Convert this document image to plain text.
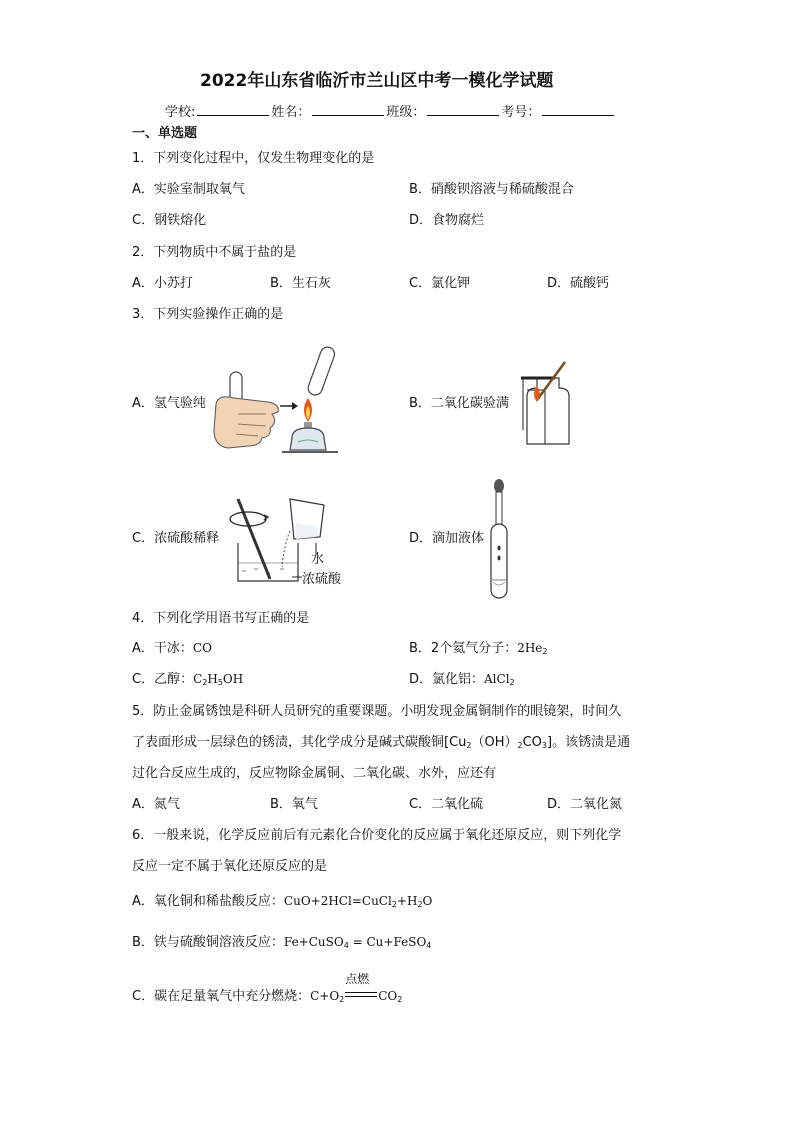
2022年山东省临沂市兰山区中考一模化学试题
学校:	姓名：	班级：	考号：
一、单选题
1．下列变化过程中，仅发生物理变化的是
A．实验室制取氧气	B．硝酸钡溶液与稀硫酸混合
C．钢铁熔化	D．食物腐烂
2．下列物质中不属于盐的是
A．小苏打	B．生石灰	C．氯化钾	D．硫酸钙
3．下列实验操作正确的是
A．氢气验纯	B．二氧化碳验满
C．浓硫酸稀释	D．滴加液体
水
浓硫酸
4．下列化学用语书写正确的是
A．干冰：CO	B．2个氦气分子：$2He_2$
C．乙醇：$C_2H_5OH$	D．氯化铝：AlCl$_2$
5．防止金属锈蚀是科研人员研究的重要课题。小明发现金属铜制作的眼镜架，时间久
了表面形成一层绿色的锈渍，其化学成分是碱式碳酸铜$[Cu_2(OH)_2CO_3]$。该锈渍是通
过化合反应生成的，反应物除金属铜、二氧化碳、水外，应还有
A．氮气	B．氧气	C．二氧化硫	D．二氧化氮
6．一般来说，化学反应前后有元素化合价变化的反应属于氧化还原反应，则下列化学
反应一定不属于氧化还原反应的是
A．氧化铜和稀盐酸反应：$CuO+2HCl=CuCl_2+H_2O$
B．铁与硫酸铜溶液反应：Fe+CuSO$_4$ = Cu+FeSO$_4$
C．碳在足量氧气中充分燃烧：$C+O_2$
点燃
$CO_2$
